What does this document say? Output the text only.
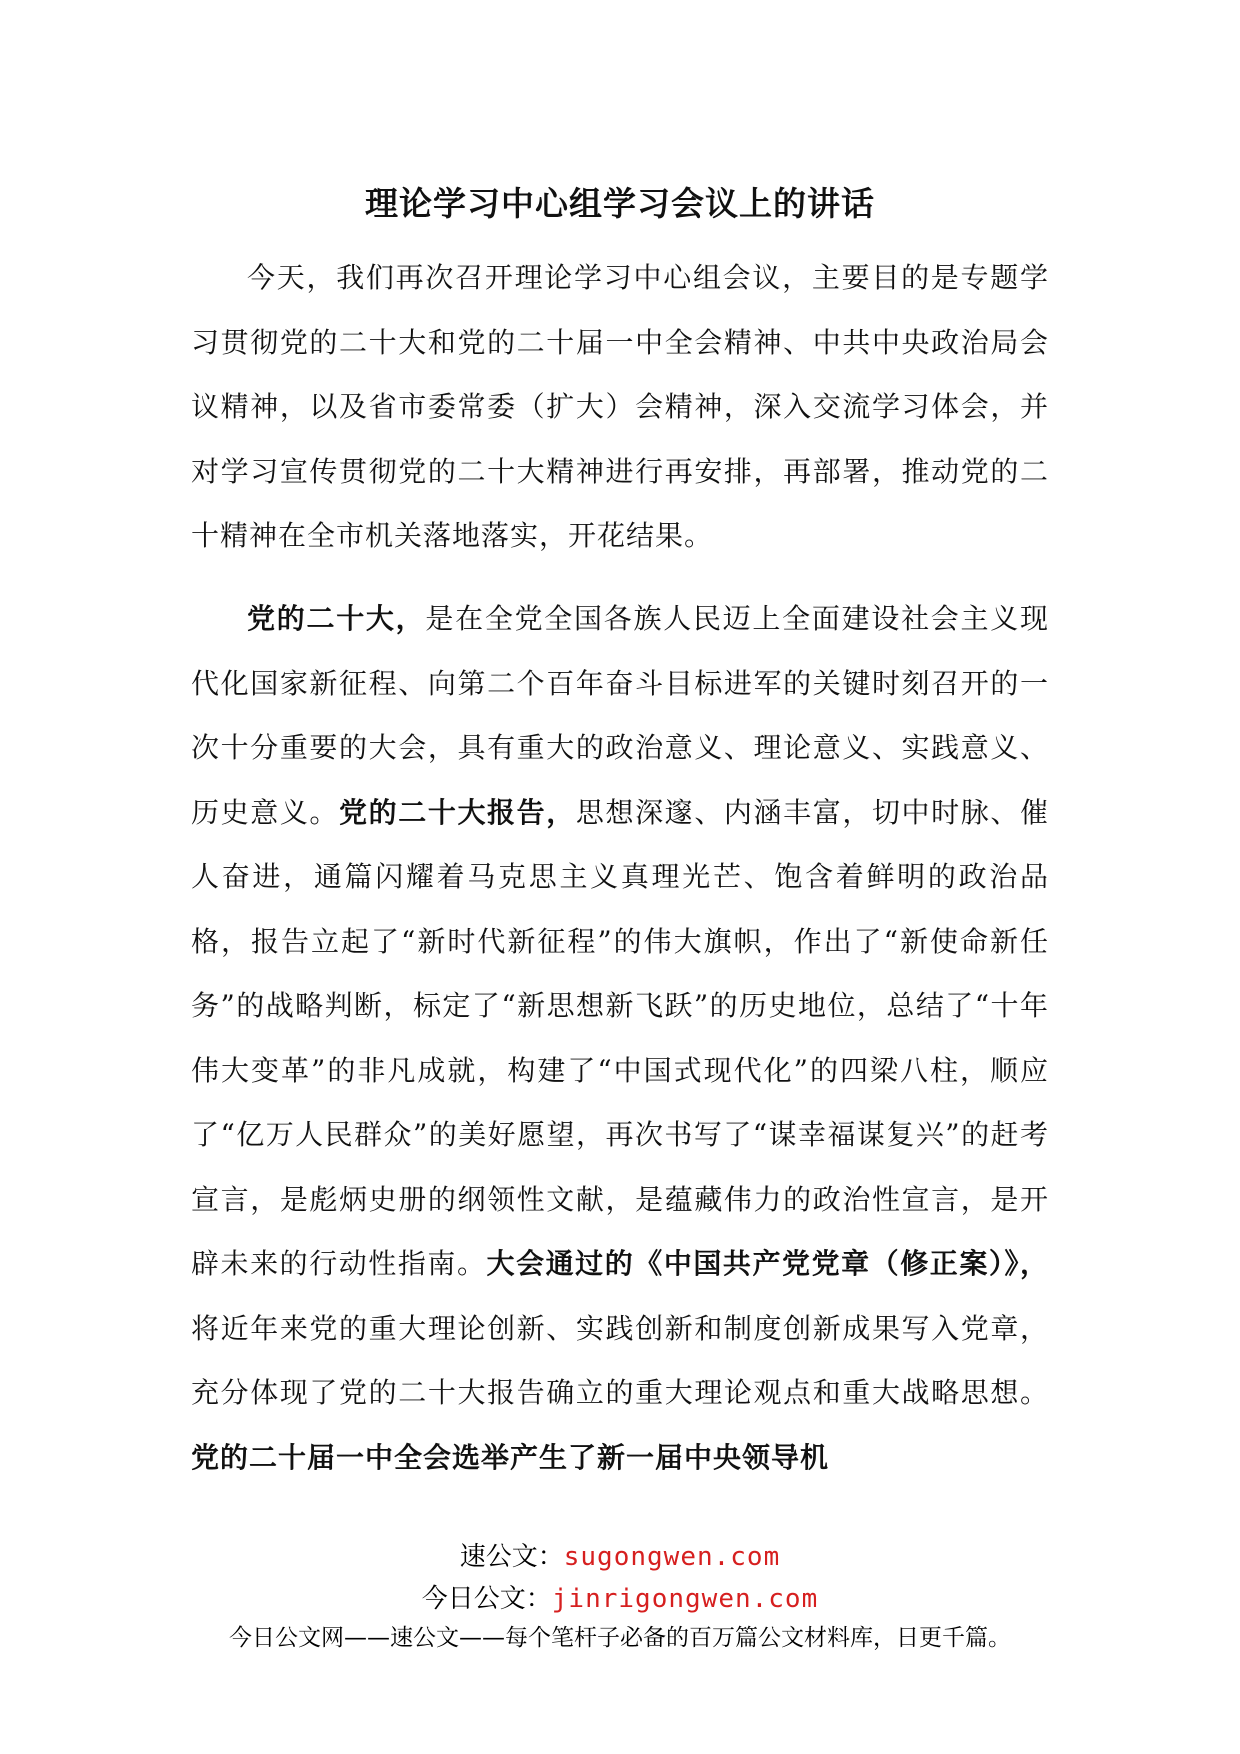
理论学习中心组学习会议上的讲话

今天，我们再次召开理论学习中心组会议，主要目的是专题学习贯彻党的二十大和党的二十届一中全会精神、中共中央政治局会议精神，以及省市委常委（扩大）会精神，深入交流学习体会，并对学习宣传贯彻党的二十大精神进行再安排，再部署，推动党的二十精神在全市机关落地落实，开花结果。

党的二十大，是在全党全国各族人民迈上全面建设社会主义现代化国家新征程、向第二个百年奋斗目标进军的关键时刻召开的一次十分重要的大会，具有重大的政治意义、理论意义、实践意义、历史意义。党的二十大报告，思想深邃、内涵丰富，切中时脉、催人奋进，通篇闪耀着马克思主义真理光芒、饱含着鲜明的政治品格，报告立起了“新时代新征程”的伟大旗帜，作出了“新使命新任务”的战略判断，标定了“新思想新飞跃”的历史地位，总结了“十年伟大变革”的非凡成就，构建了“中国式现代化”的四梁八柱，顺应了“亿万人民群众”的美好愿望，再次书写了“谋幸福谋复兴”的赶考宣言，是彪炳史册的纲领性文献，是蕴藏伟力的政治性宣言，是开辟未来的行动性指南。大会通过的《中国共产党党章（修正案）》，将近年来党的重大理论创新、实践创新和制度创新成果写入党章，充分体现了党的二十大报告确立的重大理论观点和重大战略思想。党的二十届一中全会选举产生了新一届中央领导机

速公文：sugongwen.com
今日公文：jinrigongwen.com
今日公文网——速公文——每个笔杆子必备的百万篇公文材料库，日更千篇。
